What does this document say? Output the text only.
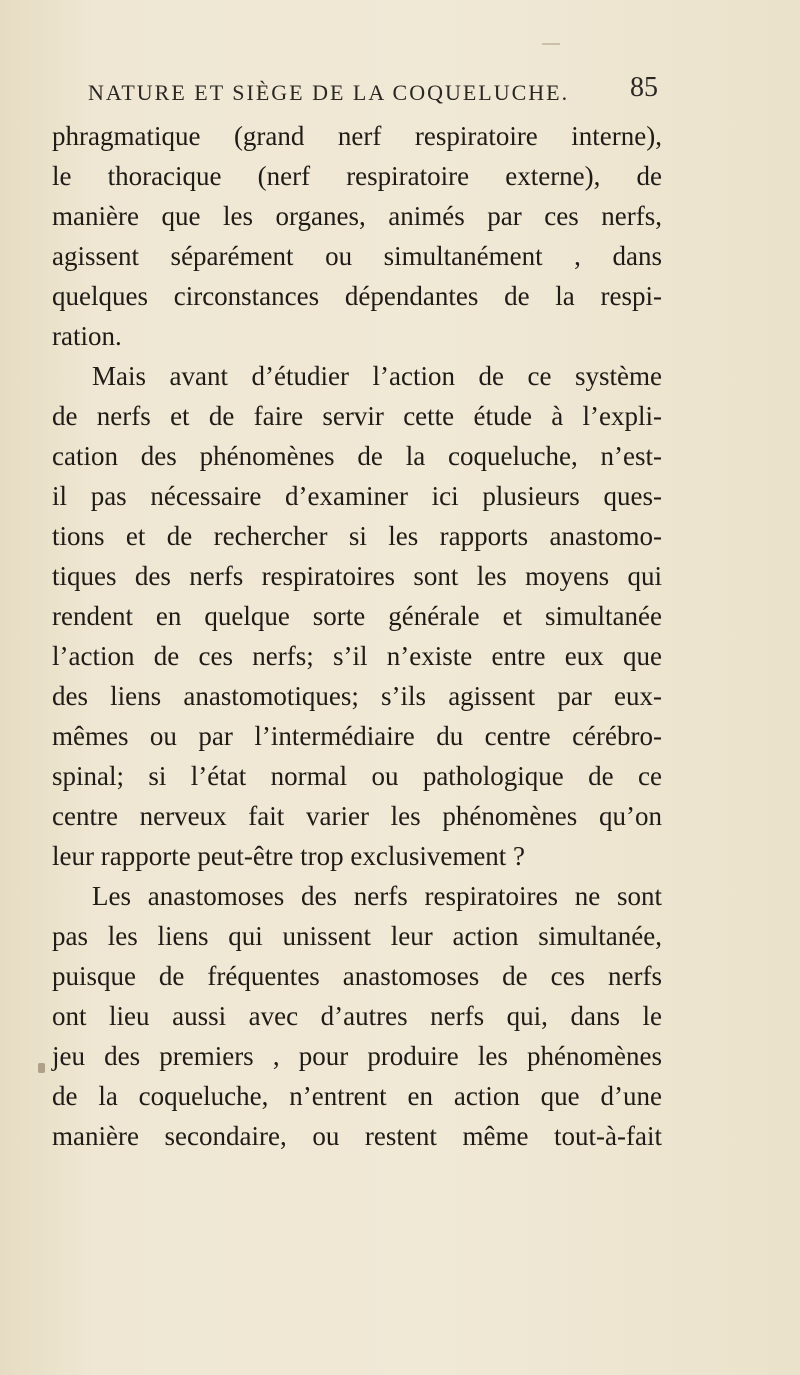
NATURE ET SIÈGE DE LA COQUELUCHE. 85
phragmatique (grand nerf respiratoire interne),
le thoracique (nerf respiratoire externe), de
manière que les organes, animés par ces nerfs,
agissent séparément ou simultanément , dans
quelques circonstances dépendantes de la respi-
ration.
Mais avant d’étudier l’action de ce système
de nerfs et de faire servir cette étude à l’expli-
cation des phénomènes de la coqueluche, n’est-
il pas nécessaire d’examiner ici plusieurs ques-
tions et de rechercher si les rapports anastomo-
tiques des nerfs respiratoires sont les moyens qui
rendent en quelque sorte générale et simultanée
l’action de ces nerfs; s’il n’existe entre eux que
des liens anastomotiques; s’ils agissent par eux-
mêmes ou par l’intermédiaire du centre cérébro-
spinal; si l’état normal ou pathologique de ce
centre nerveux fait varier les phénomènes qu’on
leur rapporte peut-être trop exclusivement ?
Les anastomoses des nerfs respiratoires ne sont
pas les liens qui unissent leur action simultanée,
puisque de fréquentes anastomoses de ces nerfs
ont lieu aussi avec d’autres nerfs qui, dans le
jeu des premiers , pour produire les phénomènes
de la coqueluche, n’entrent en action que d’une
manière secondaire, ou restent même tout-à-fait
